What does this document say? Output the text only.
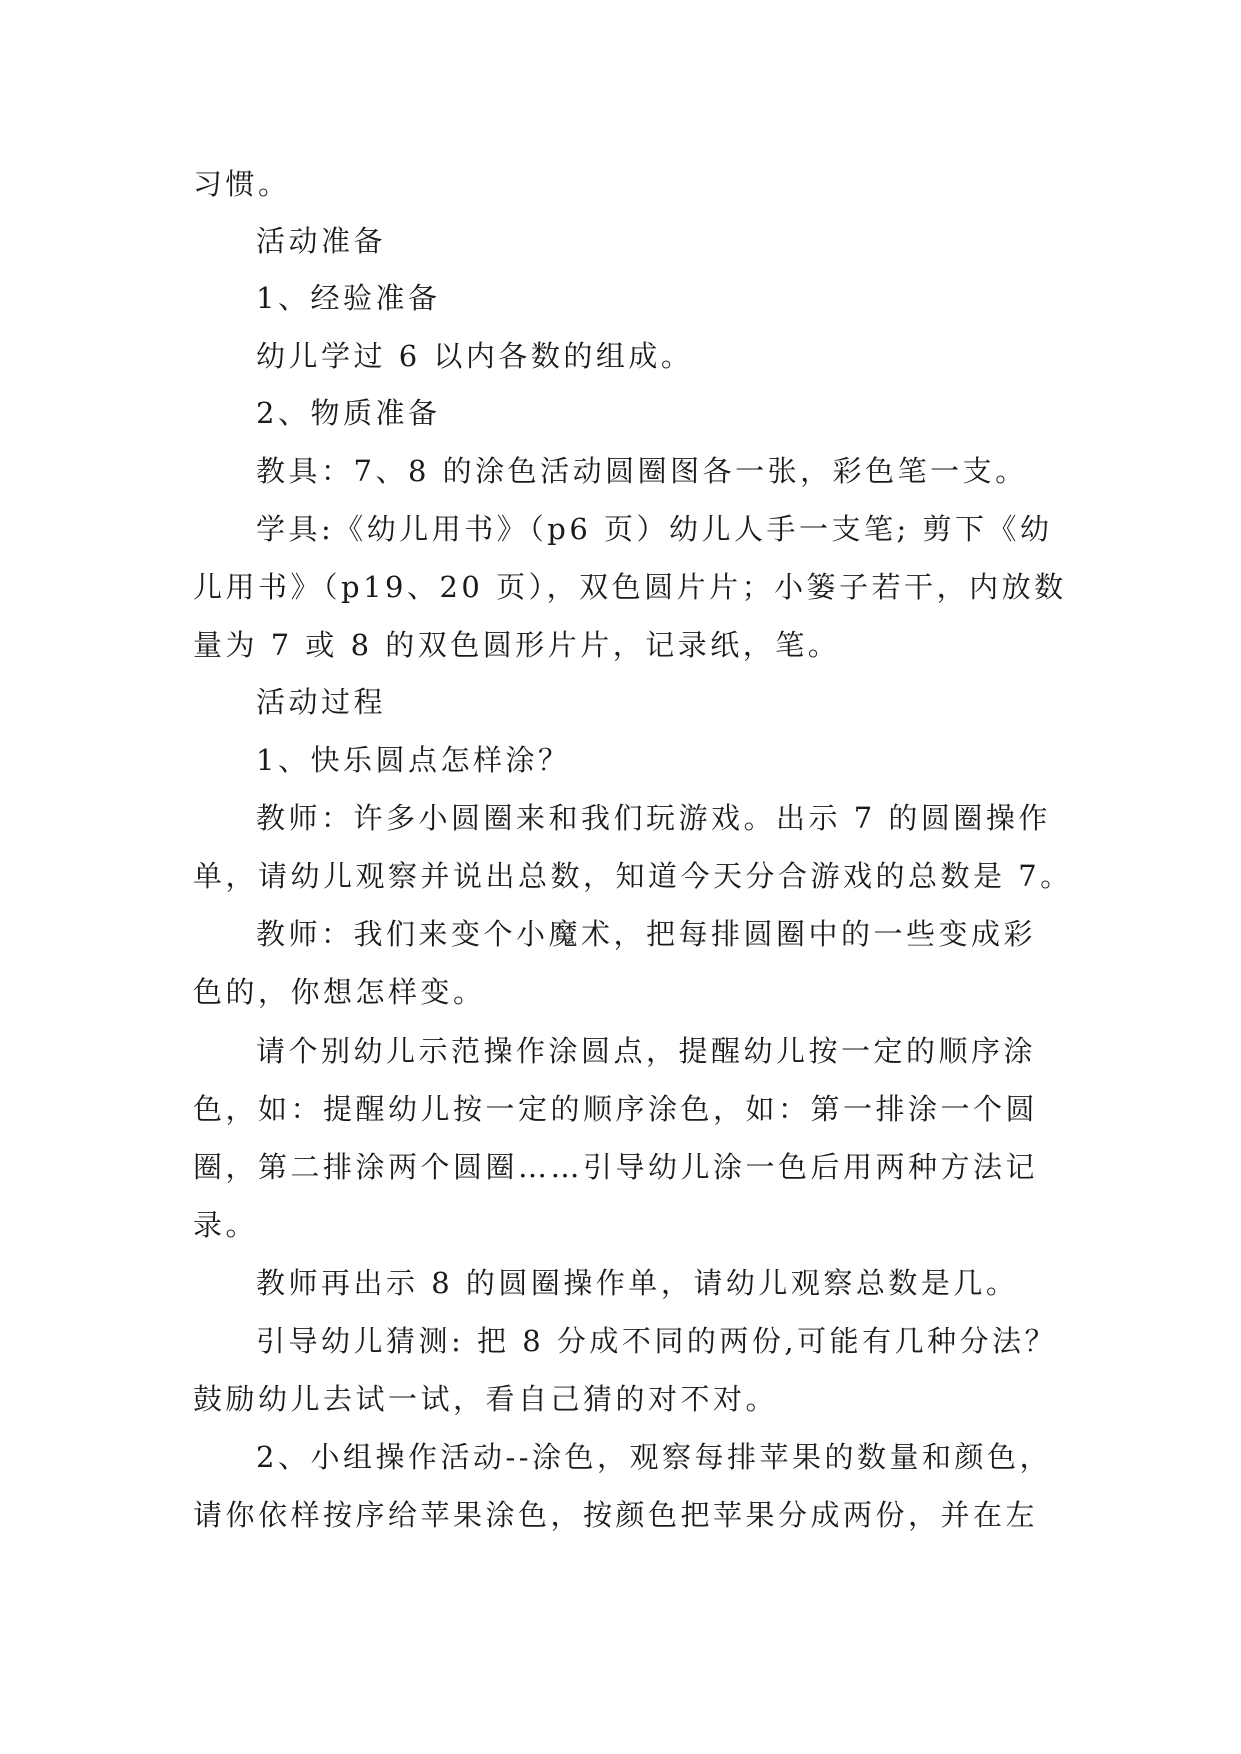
习惯。
活动准备
1、经验准备
幼儿学过 6 以内各数的组成。
2、物质准备
教具：7、8 的涂色活动圆圈图各一张，彩色笔一支。
学具:《幼儿用书》（p6 页）幼儿人手一支笔; 剪下《幼
儿用书》（p19、20 页），双色圆片片；小篓子若干，内放数
量为 7 或 8 的双色圆形片片，记录纸，笔。
活动过程
1、快乐圆点怎样涂？
教师：许多小圆圈来和我们玩游戏。出示 7 的圆圈操作
单，请幼儿观察并说出总数，知道今天分合游戏的总数是 7。
教师：我们来变个小魔术，把每排圆圈中的一些变成彩
色的，你想怎样变。
请个别幼儿示范操作涂圆点，提醒幼儿按一定的顺序涂
色，如：提醒幼儿按一定的顺序涂色，如：第一排涂一个圆
圈，第二排涂两个圆圈……引导幼儿涂一色后用两种方法记
录。
教师再出示 8 的圆圈操作单，请幼儿观察总数是几。
引导幼儿猜测: 把 8 分成不同的两份,可能有几种分法？
鼓励幼儿去试一试，看自己猜的对不对。
2、小组操作活动--涂色，观察每排苹果的数量和颜色，
请你依样按序给苹果涂色，按颜色把苹果分成两份，并在左
